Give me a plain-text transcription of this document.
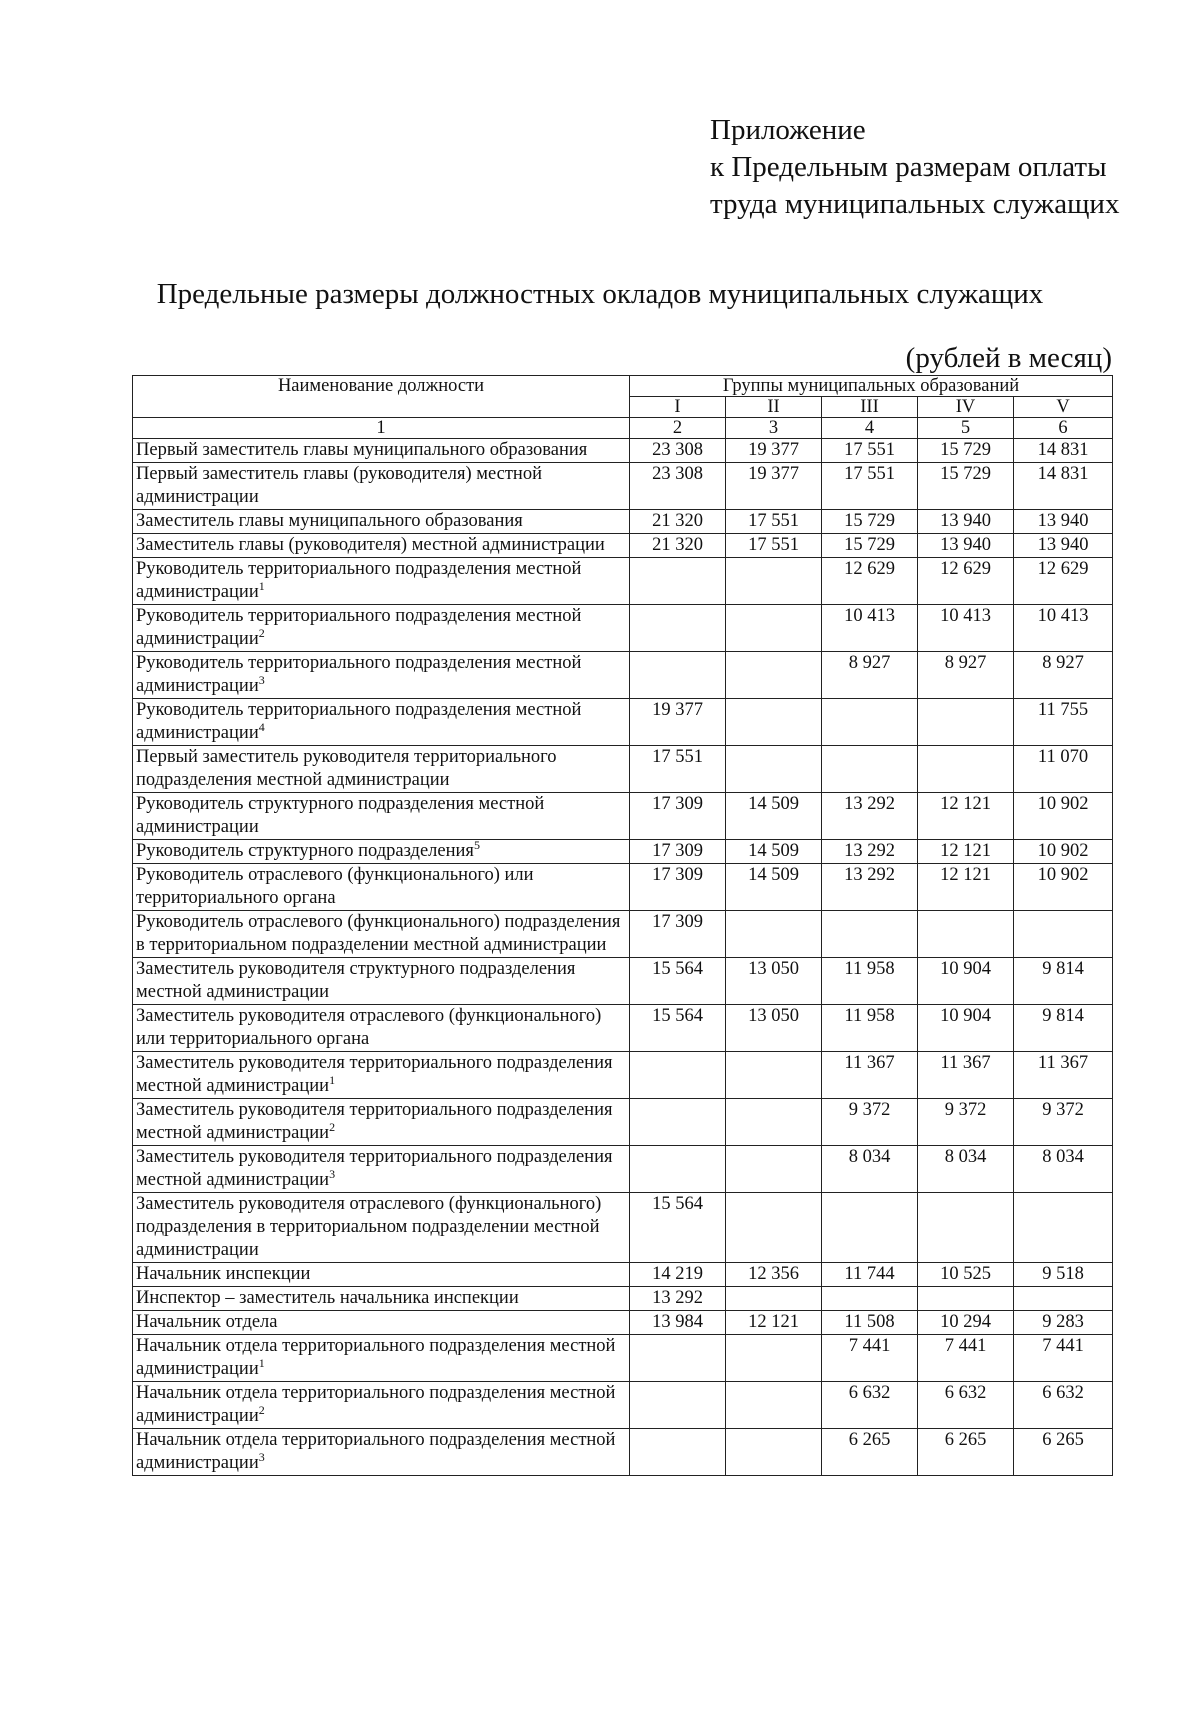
Приложение
к Предельным размерам оплаты
труда муниципальных служащих
Предельные размеры должностных окладов муниципальных служащих
(рублей в месяц)
Наименование должности	Группы муниципальных образований				
	I	II	III	IV	V
1	2	3	4	5	6
Первый заместитель главы муниципального образования	23 308	19 377	17 551	15 729	14 831
Первый заместитель главы (руководителя) местной администрации	23 308	19 377	17 551	15 729	14 831
Заместитель главы муниципального образования	21 320	17 551	15 729	13 940	13 940
Заместитель главы (руководителя) местной администрации	21 320	17 551	15 729	13 940	13 940
Руководитель территориального подразделения местной администрации$^1$			12 629	12 629	12 629
Руководитель территориального подразделения местной администрации$^2$			10 413	10 413	10 413
Руководитель территориального подразделения местной администрации$^3$			8 927	8 927	8 927
Руководитель территориального подразделения местной администрации$^4$	19 377				11 755
Первый заместитель руководителя территориального подразделения местной администрации	17 551				11 070
Руководитель структурного подразделения местной администрации	17 309	14 509	13 292	12 121	10 902
Руководитель структурного подразделения$^5$	17 309	14 509	13 292	12 121	10 902
Руководитель отраслевого (функционального) или территориального органа	17 309	14 509	13 292	12 121	10 902
Руководитель отраслевого (функционального) подразделения в территориальном подразделении местной администрации	17 309				
Заместитель руководителя структурного подразделения местной администрации	15 564	13 050	11 958	10 904	9 814
Заместитель руководителя отраслевого (функционального) или территориального органа	15 564	13 050	11 958	10 904	9 814
Заместитель руководителя территориального подразделения местной администрации$^1$			11 367	11 367	11 367
Заместитель руководителя территориального подразделения местной администрации$^2$			9 372	9 372	9 372
Заместитель руководителя территориального подразделения местной администрации$^3$			8 034	8 034	8 034
Заместитель руководителя отраслевого (функционального) подразделения в территориальном подразделении местной администрации	15 564				
Начальник инспекции	14 219	12 356	11 744	10 525	9 518
Инспектор – заместитель начальника инспекции	13 292				
Начальник отдела	13 984	12 121	11 508	10 294	9 283
Начальник отдела территориального подразделения местной администрации$^1$			7 441	7 441	7 441
Начальник отдела территориального подразделения местной администрации$^2$			6 632	6 632	6 632
Начальник отдела территориального подразделения местной администрации$^3$			6 265	6 265	6 265
